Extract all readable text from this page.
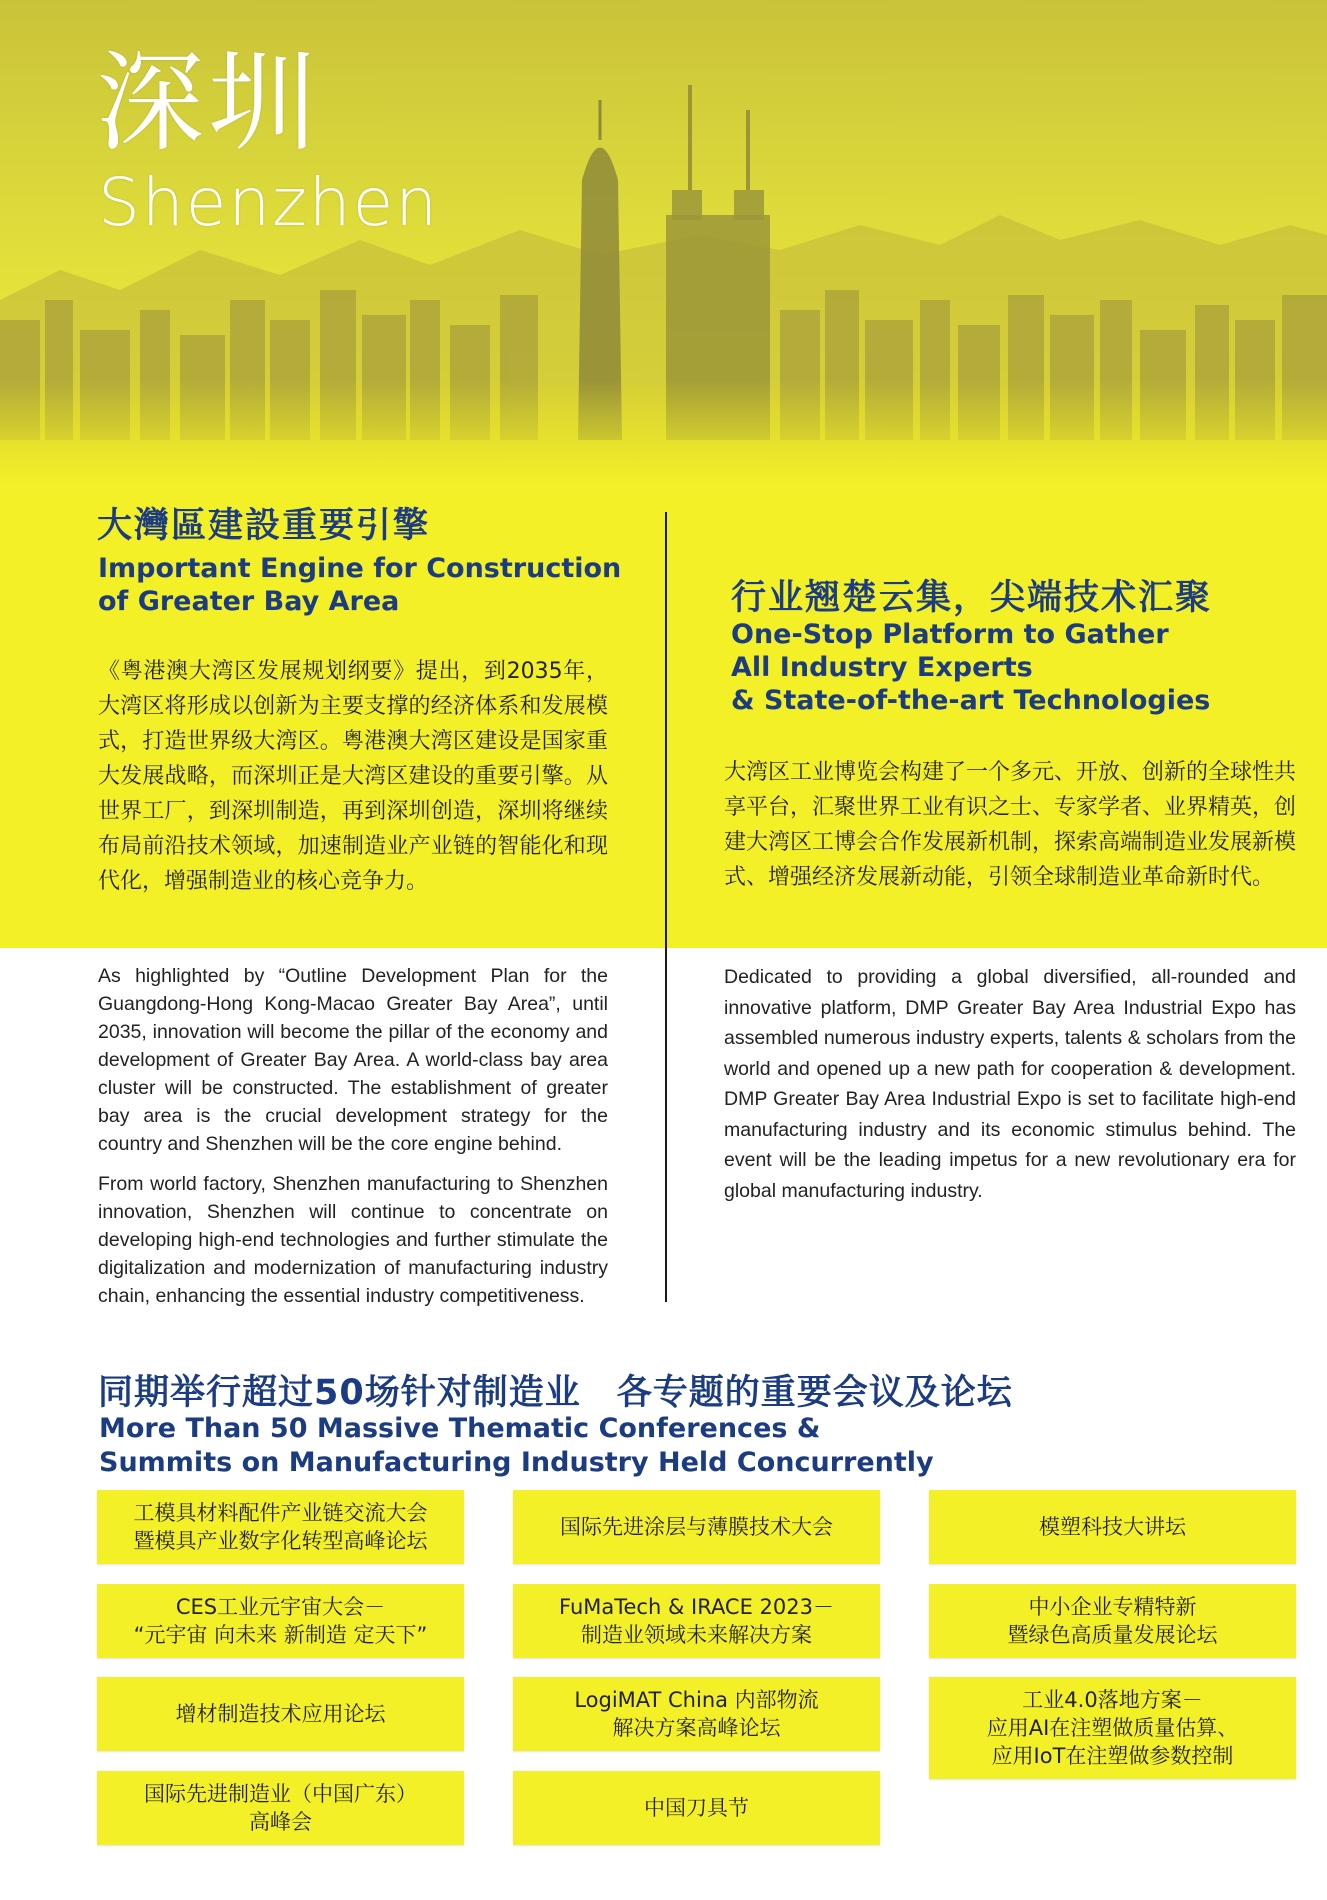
深圳
Shenzhen
大灣區建設重要引擎
Important Engine for Construction
of Greater Bay Area

《粤港澳大湾区发展规划纲要》提出，到2035年，大湾区将形成以创新为主要支撑的经济体系和发展模式，打造世界级大湾区。粤港澳大湾区建设是国家重大发展战略，而深圳正是大湾区建设的重要引擎。从世界工厂，到深圳制造，再到深圳创造，深圳将继续布局前沿技术领域，加速制造业产业链的智能化和现代化，增强制造业的核心竞争力。

As highlighted by “Outline Development Plan for the Guangdong-Hong Kong-Macao Greater Bay Area”, until 2035, innovation will become the pillar of the economy and development of Greater Bay Area. A world-class bay area cluster will be constructed. The establishment of greater bay area is the crucial development strategy for the country and Shenzhen will be the core engine behind.

From world factory, Shenzhen manufacturing to Shenzhen innovation, Shenzhen will continue to concentrate on developing high-end technologies and further stimulate the digitalization and modernization of manufacturing industry chain, enhancing the essential industry competitiveness.

行业翘楚云集，尖端技术汇聚
One-Stop Platform to Gather
All Industry Experts
& State-of-the-art Technologies

大湾区工业博览会构建了一个多元、开放、创新的全球性共享平台，汇聚世界工业有识之士、专家学者、业界精英，创建大湾区工博会合作发展新机制，探索高端制造业发展新模式、增强经济发展新动能，引领全球制造业革命新时代。

Dedicated to providing a global diversified, all-rounded and innovative platform, DMP Greater Bay Area Industrial Expo has assembled numerous industry experts, talents & scholars from the world and opened up a new path for cooperation & development. DMP Greater Bay Area Industrial Expo is set to facilitate high-end manufacturing industry and its economic stimulus behind. The event will be the leading impetus for a new revolutionary era for global manufacturing industry.

同期举行超过50场针对制造业　各专题的重要会议及论坛
More Than 50 Massive Thematic Conferences &
Summits on Manufacturing Industry Held Concurrently
工模具材料配件产业链交流大会
暨模具产业数字化转型高峰论坛
国际先进涂层与薄膜技术大会	模塑科技大讲坛
CES工业元宇宙大会－
“元宇宙 向未来 新制造 定天下”
FuMaTech & IRACE 2023－
制造业领域未来解决方案
中小企业专精特新
暨绿色高质量发展论坛
增材制造技术应用论坛
LogiMAT China 内部物流
解决方案高峰论坛
工业4.0落地方案－
应用AI在注塑做质量估算、
应用IoT在注塑做参数控制
国际先进制造业（中国广东）
高峰会
中国刀具节
